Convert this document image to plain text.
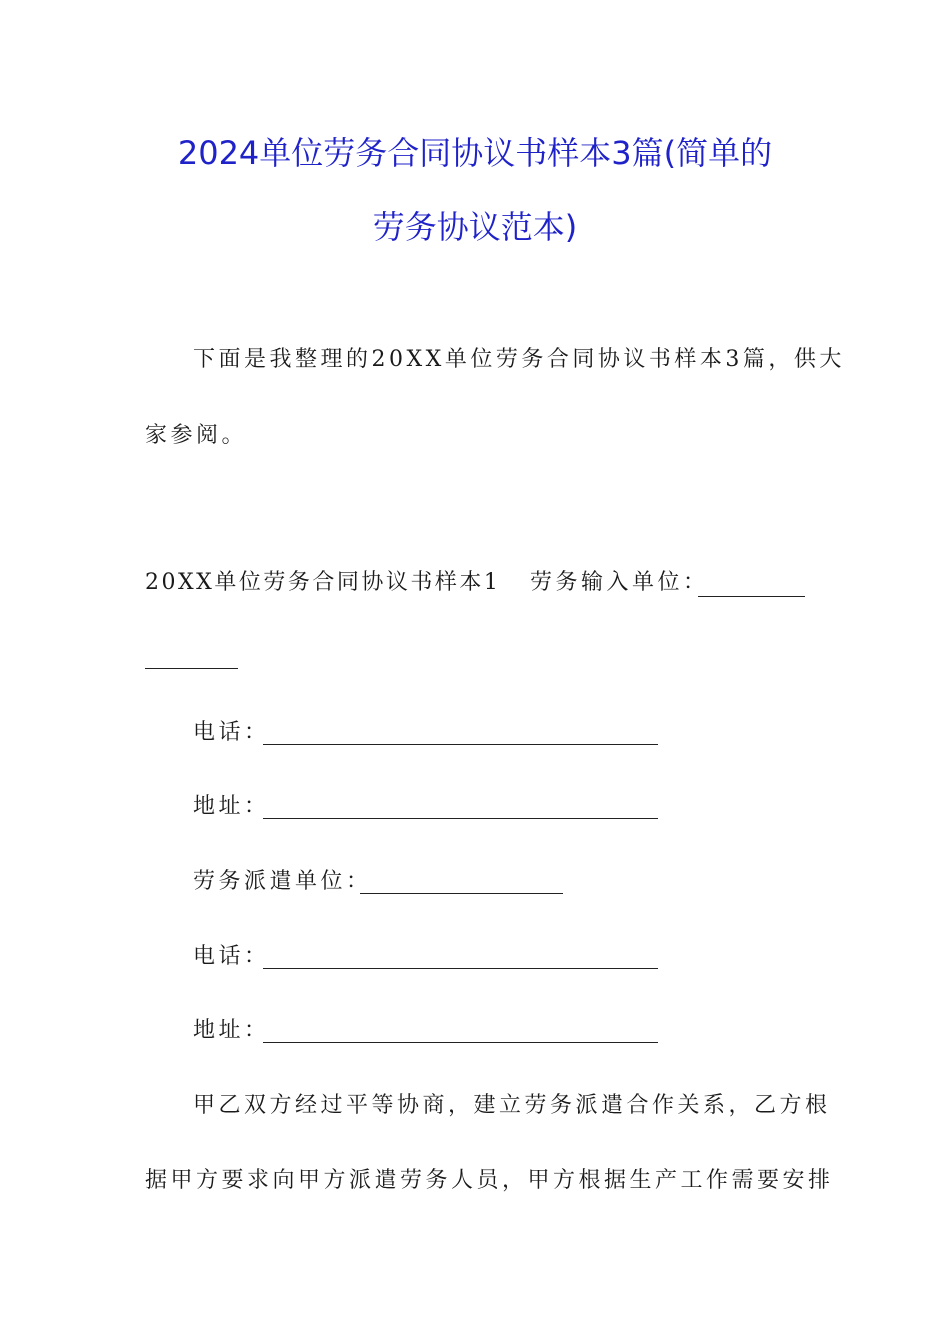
2024单位劳务合同协议书样本3篇(简单的
劳务协议范本)
下面是我整理的20XX单位劳务合同协议书样本3篇，供大
家参阅。
20XX单位劳务合同协议书样本1 劳务输入单位：
电话：
地址：
劳务派遣单位：
电话：
地址：
甲乙双方经过平等协商，建立劳务派遣合作关系，乙方根
据甲方要求向甲方派遣劳务人员，甲方根据生产工作需要安排
